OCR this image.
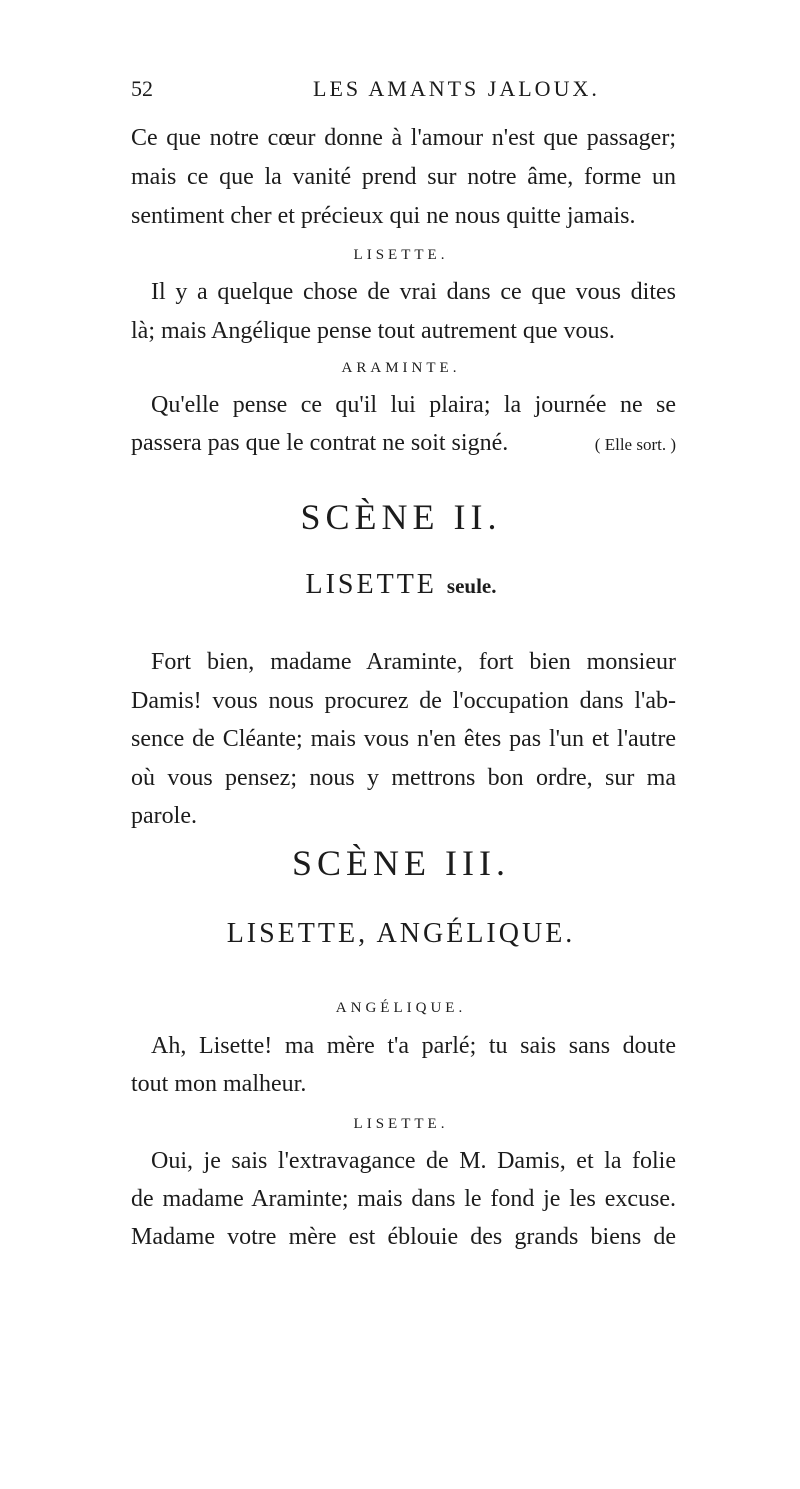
52	LES AMANTS JALOUX.
Ce que notre cœur donne à l'amour n'est que passager;
mais ce que la vanité prend sur notre âme, forme un
sentiment cher et précieux qui ne nous quitte jamais.
LISETTE.
Il y a quelque chose de vrai dans ce que vous dites
là; mais Angélique pense tout autrement que vous.
ARAMINTE.
Qu'elle pense ce qu'il lui plaira; la journée ne se
passera pas que le contrat ne soit signé.	( Elle sort. )
SCÈNE II.
LISETTE seule.
Fort bien, madame Araminte, fort bien monsieur
Damis! vous nous procurez de l'occupation dans l'ab-
sence de Cléante; mais vous n'en êtes pas l'un et l'autre
où vous pensez; nous y mettrons bon ordre, sur ma
parole.
SCÈNE III.
LISETTE, ANGÉLIQUE.
ANGÉLIQUE.
Ah, Lisette! ma mère t'a parlé; tu sais sans doute
tout mon malheur.
LISETTE.
Oui, je sais l'extravagance de M. Damis, et la folie
de madame Araminte; mais dans le fond je les excuse.
Madame votre mère est éblouie des grands biens de
